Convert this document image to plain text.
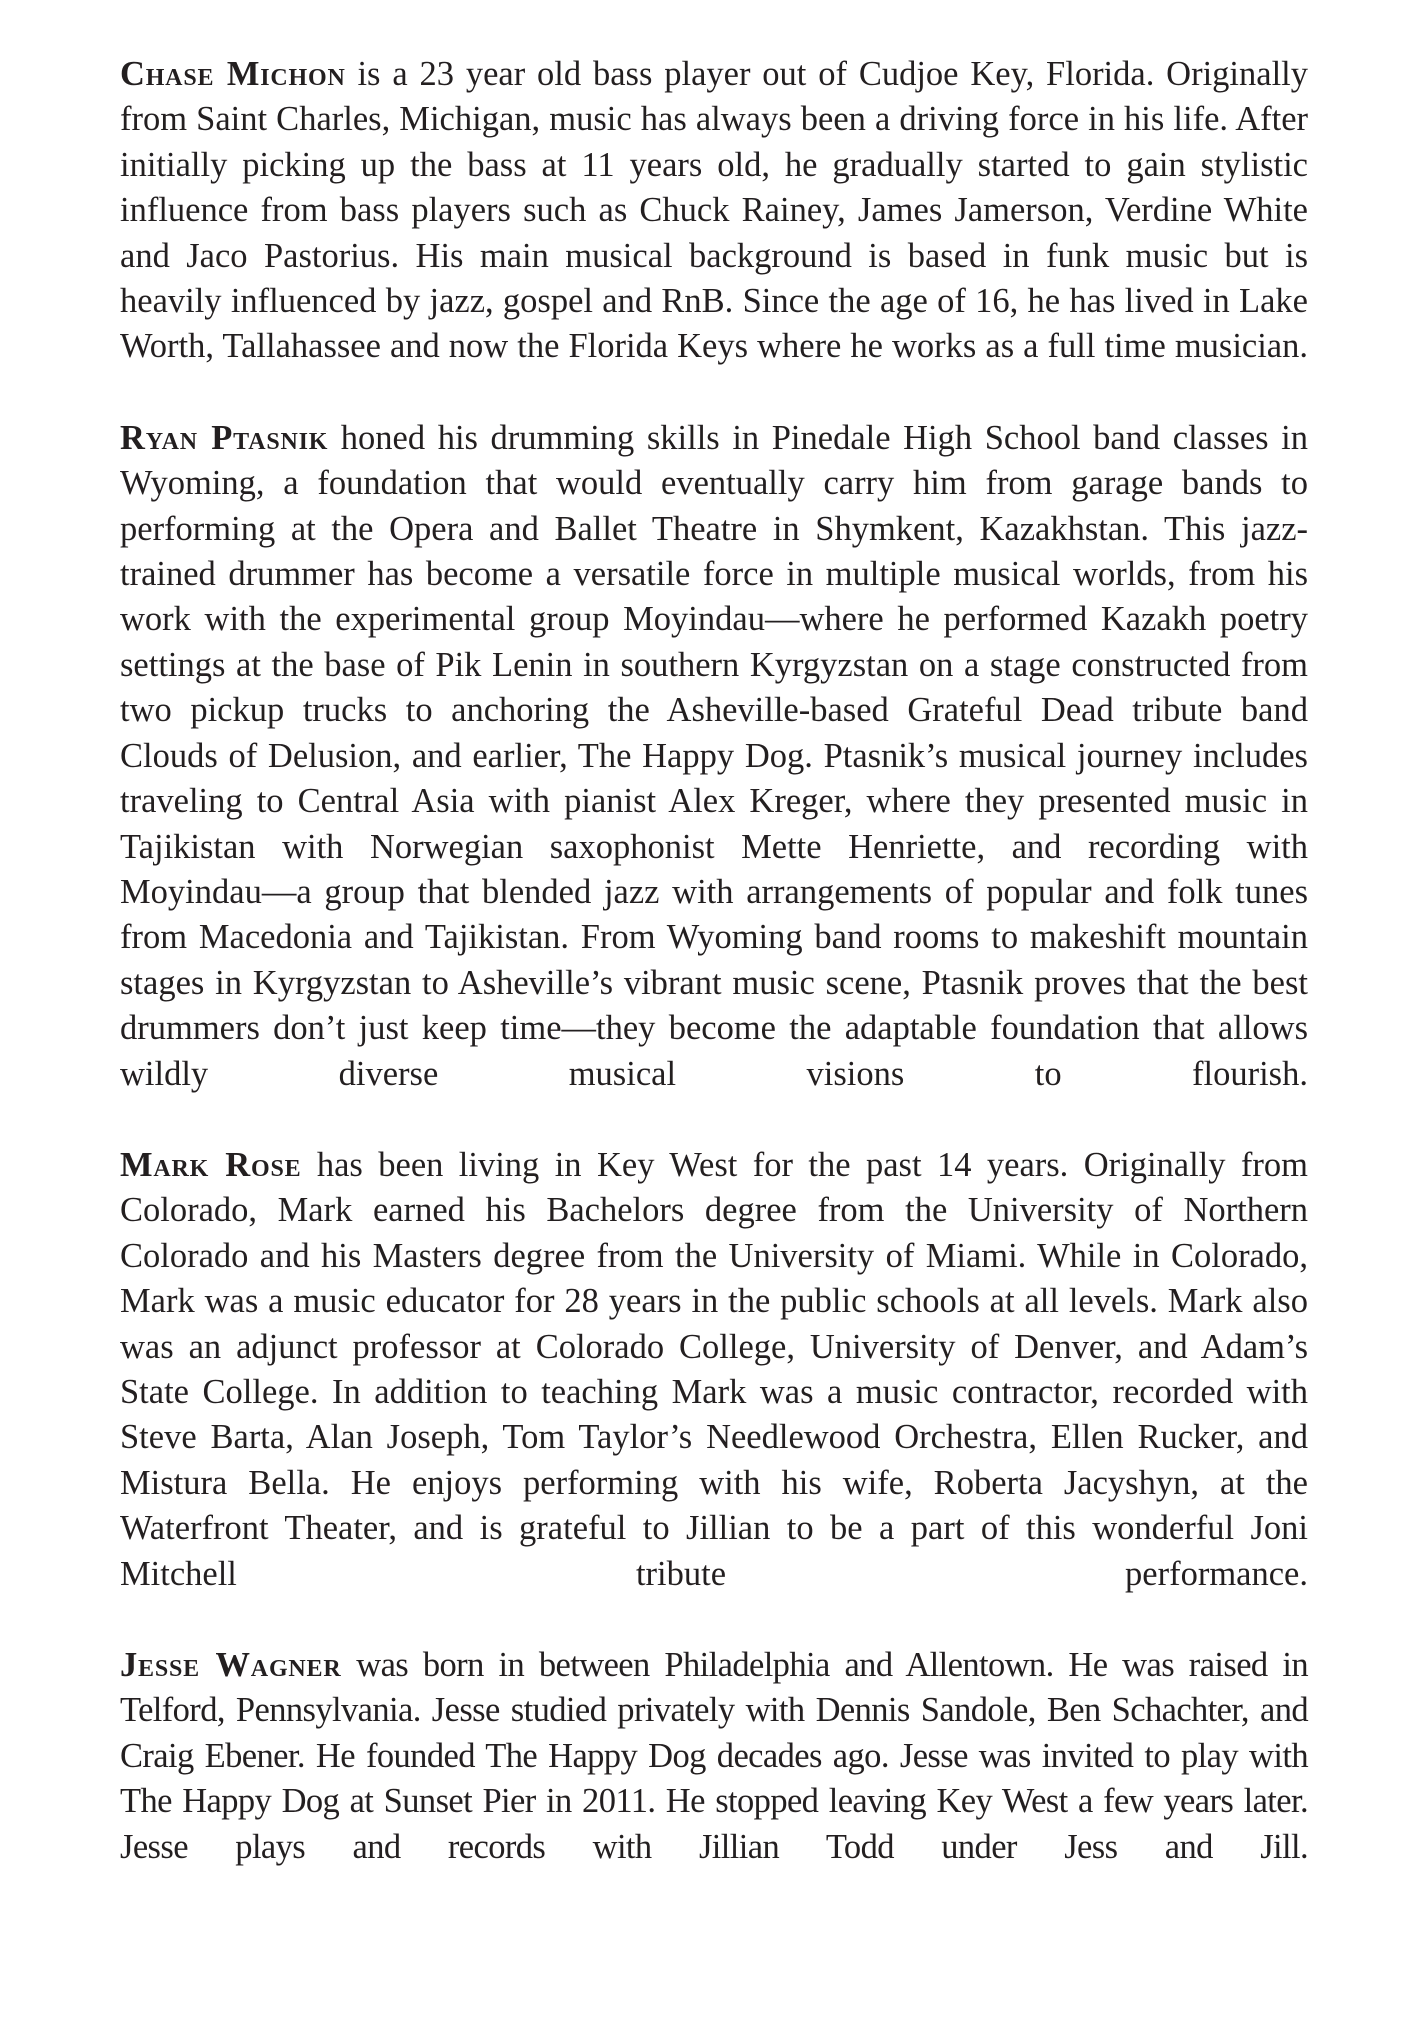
Chase Michon is a 23 year old bass player out of Cudjoe Key, Florida. Originally from Saint Charles, Michigan, music has always been a driving force in his life. After initially picking up the bass at 11 years old, he gradually started to gain stylistic influence from bass players such as Chuck Rainey, James Jamerson, Verdine White and Jaco Pastorius. His main musical background is based in funk music but is heavily influenced by jazz, gospel and RnB. Since the age of 16, he has lived in Lake Worth, Tallahassee and now the Florida Keys where he works as a full time musician.

Ryan Ptasnik honed his drumming skills in Pinedale High School band classes in Wyoming, a foundation that would eventually carry him from garage bands to performing at the Opera and Ballet Theatre in Shymkent, Kazakhstan. This jazz-trained drummer has become a versatile force in multiple musical worlds, from his work with the experimental group Moyindau—where he performed Kazakh poetry settings at the base of Pik Lenin in southern Kyrgyzstan on a stage constructed from two pickup trucks to anchoring the Asheville-based Grateful Dead tribute band Clouds of Delusion, and earlier, The Happy Dog. Ptasnik’s musical journey includes traveling to Central Asia with pianist Alex Kreger, where they presented music in Tajikistan with Norwegian saxophonist Mette Henriette, and recording with Moyindau—a group that blended jazz with arrangements of popular and folk tunes from Macedonia and Tajikistan. From Wyoming band rooms to makeshift mountain stages in Kyrgyzstan to Asheville’s vibrant music scene, Ptasnik proves that the best drummers don’t just keep time—they become the adaptable foundation that allows wildly diverse musical visions to flourish.

Mark Rose has been living in Key West for the past 14 years. Originally from Colorado, Mark earned his Bachelors degree from the University of Northern Colorado and his Masters degree from the University of Miami. While in Colorado, Mark was a music educator for 28 years in the public schools at all levels. Mark also was an adjunct professor at Colorado College, University of Denver, and Adam’s State College. In addition to teaching Mark was a music contractor, recorded with Steve Barta, Alan Joseph, Tom Taylor’s Needlewood Orchestra, Ellen Rucker, and Mistura Bella. He enjoys performing with his wife, Roberta Jacyshyn, at the Waterfront Theater, and is grateful to Jillian to be a part of this wonderful Joni Mitchell tribute performance.

Jesse Wagner was born in between Philadelphia and Allentown. He was raised in Telford, Pennsylvania. Jesse studied privately with Dennis Sandole, Ben Schachter, and Craig Ebener. He founded The Happy Dog decades ago. Jesse was invited to play with The Happy Dog at Sunset Pier in 2011. He stopped leaving Key West a few years later. Jesse plays and records with Jillian Todd under Jess and Jill.
